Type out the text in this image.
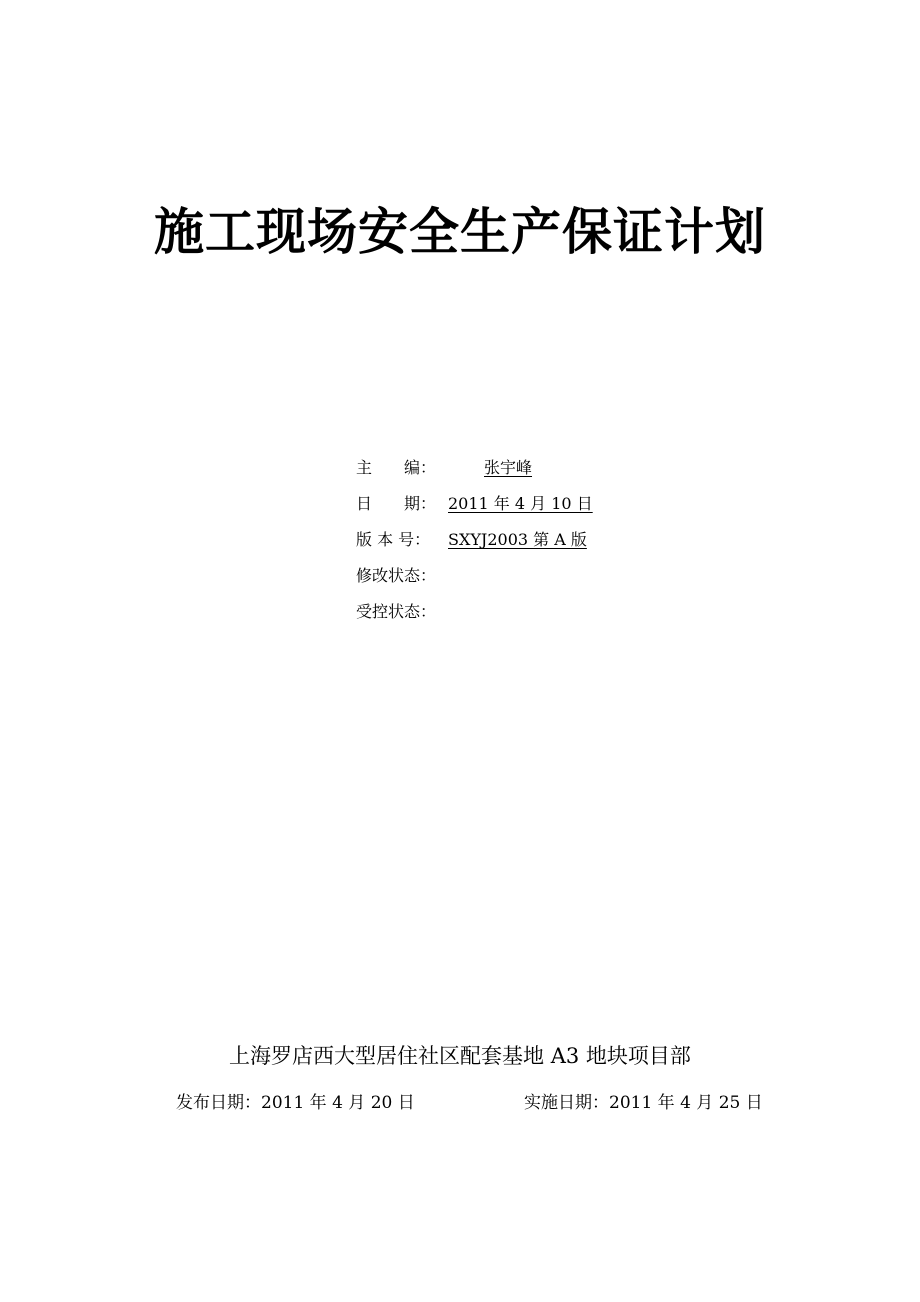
施工现场安全生产保证计划
主　　编：	张宇峰
日　　期： 2011 年 4 月 10 日
版 本 号：	SXYJ2003 第 A 版
修改状态：
受控状态：
上海罗店西大型居住社区配套基地 A3 地块项目部
发布日期：2011 年 4 月 20 日	实施日期：2011 年 4 月 25 日
